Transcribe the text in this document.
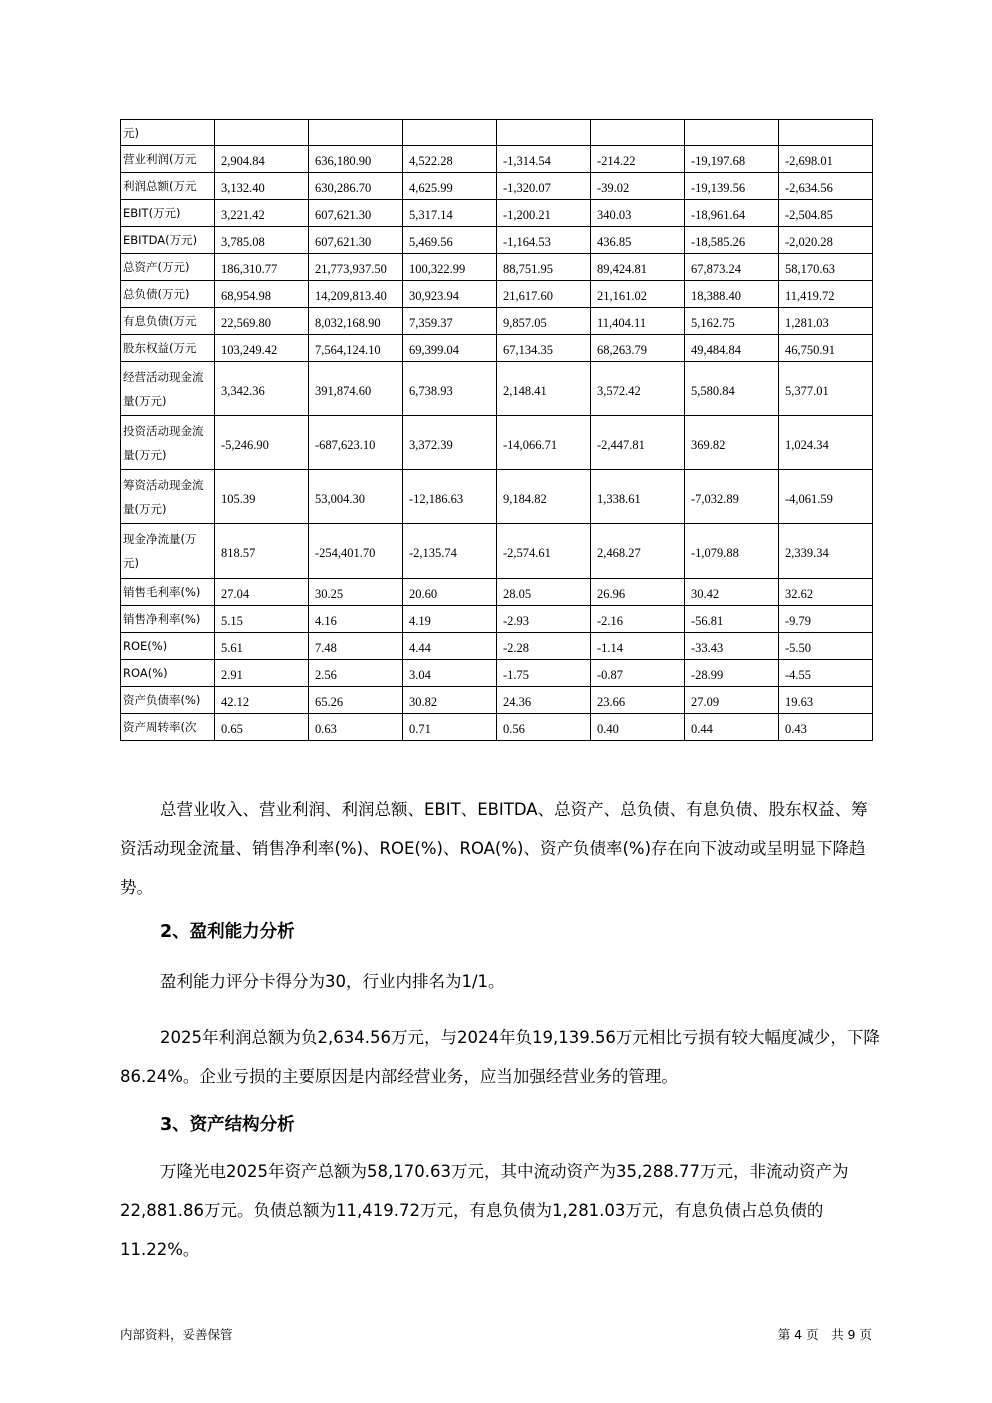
元)							
营业利润(万元	2,904.84	636,180.90	4,522.28	-1,314.54	-214.22	-19,197.68	-2,698.01
利润总额(万元	3,132.40	630,286.70	4,625.99	-1,320.07	-39.02	-19,139.56	-2,634.56
EBIT(万元)	3,221.42	607,621.30	5,317.14	-1,200.21	340.03	-18,961.64	-2,504.85
EBITDA(万元)	3,785.08	607,621.30	5,469.56	-1,164.53	436.85	-18,585.26	-2,020.28
总资产(万元)	186,310.77	21,773,937.50	100,322.99	88,751.95	89,424.81	67,873.24	58,170.63
总负债(万元)	68,954.98	14,209,813.40	30,923.94	21,617.60	21,161.02	18,388.40	11,419.72
有息负债(万元	22,569.80	8,032,168.90	7,359.37	9,857.05	11,404.11	5,162.75	1,281.03
股东权益(万元	103,249.42	7,564,124.10	69,399.04	67,134.35	68,263.79	49,484.84	46,750.91
经营活动现金流量(万元)	3,342.36	391,874.60	6,738.93	2,148.41	3,572.42	5,580.84	5,377.01
投资活动现金流量(万元)	-5,246.90	-687,623.10	3,372.39	-14,066.71	-2,447.81	369.82	1,024.34
筹资活动现金流量(万元)	105.39	53,004.30	-12,186.63	9,184.82	1,338.61	-7,032.89	-4,061.59
现金净流量(万元)	818.57	-254,401.70	-2,135.74	-2,574.61	2,468.27	-1,079.88	2,339.34
销售毛利率(%)	27.04	30.25	20.60	28.05	26.96	30.42	32.62
销售净利率(%)	5.15	4.16	4.19	-2.93	-2.16	-56.81	-9.79
ROE(%)	5.61	7.48	4.44	-2.28	-1.14	-33.43	-5.50
ROA(%)	2.91	2.56	3.04	-1.75	-0.87	-28.99	-4.55
资产负债率(%)	42.12	65.26	30.82	24.36	23.66	27.09	19.63
资产周转率(次	0.65	0.63	0.71	0.56	0.40	0.44	0.43

总营业收入、营业利润、利润总额、EBIT、EBITDA、总资产、总负债、有息负债、股东权益、筹资活动现金流量、销售净利率(%)、ROE(%)、ROA(%)、资产负债率(%)存在向下波动或呈明显下降趋势。

2、盈利能力分析

盈利能力评分卡得分为30，行业内排名为1/1。

2025年利润总额为负2,634.56万元，与2024年负19,139.56万元相比亏损有较大幅度减少，下降86.24%。企业亏损的主要原因是内部经营业务，应当加强经营业务的管理。

3、资产结构分析

万隆光电2025年资产总额为58,170.63万元，其中流动资产为35,288.77万元，非流动资产为22,881.86万元。负债总额为11,419.72万元，有息负债为1,281.03万元，有息负债占总负债的11.22%。

内部资料，妥善保管	第 4 页　共 9 页
